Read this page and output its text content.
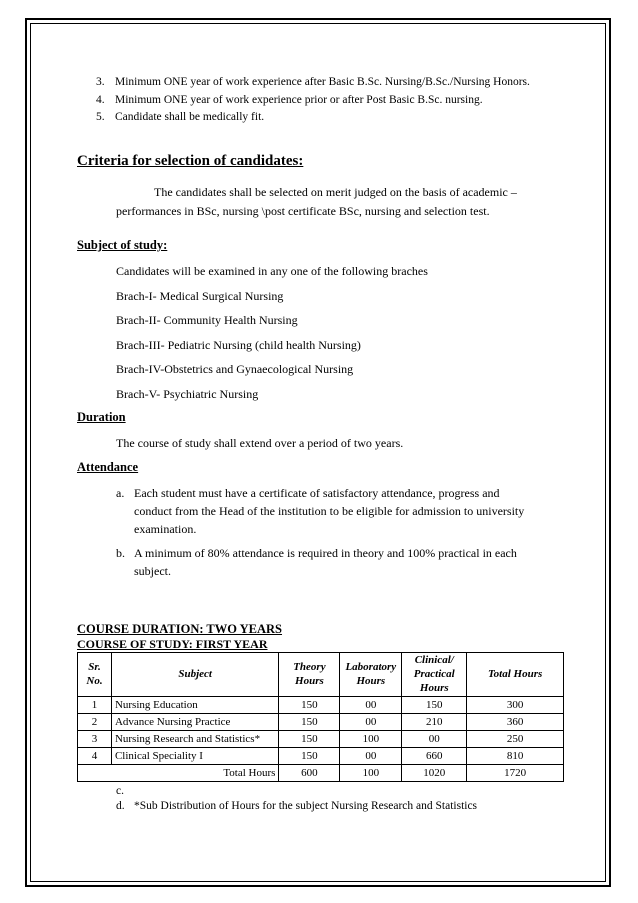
3. Minimum ONE year of work experience after Basic B.Sc. Nursing/B.Sc./Nursing Honors.
4. Minimum ONE year of work experience prior or after Post Basic B.Sc. nursing.
5. Candidate shall be medically fit.
Criteria for selection of candidates:
The candidates shall be selected on merit judged on the basis of academic –
performances in BSc, nursing \post certificate BSc, nursing and selection test.
Subject of study:
Candidates will be examined in any one of the following braches
Brach-I- Medical Surgical Nursing
Brach-II- Community Health Nursing
Brach-III- Pediatric Nursing (child health Nursing)
Brach-IV-Obstetrics and Gynaecological Nursing
Brach-V- Psychiatric Nursing
Duration
The course of study shall extend over a period of two years.
Attendance
a. Each student must have a certificate of satisfactory attendance, progress and
conduct from the Head of the institution to be eligible for admission to university
examination.
b. A minimum of 80% attendance is required in theory and 100% practical in each
subject.
COURSE DURATION: TWO YEARS
COURSE OF STUDY: FIRST YEAR
Sr. No.	Subject	Theory Hours	Laboratory Hours	Clinical/ Practical Hours	Total Hours
1	Nursing Education	150	00	150	300
2	Advance Nursing Practice	150	00	210	360
3	Nursing Research and Statistics*	150	100	00	250
4	Clinical Speciality I	150	00	660	810
Total Hours		600	100	1020	1720
c.
d. *Sub Distribution of Hours for the subject Nursing Research and Statistics
